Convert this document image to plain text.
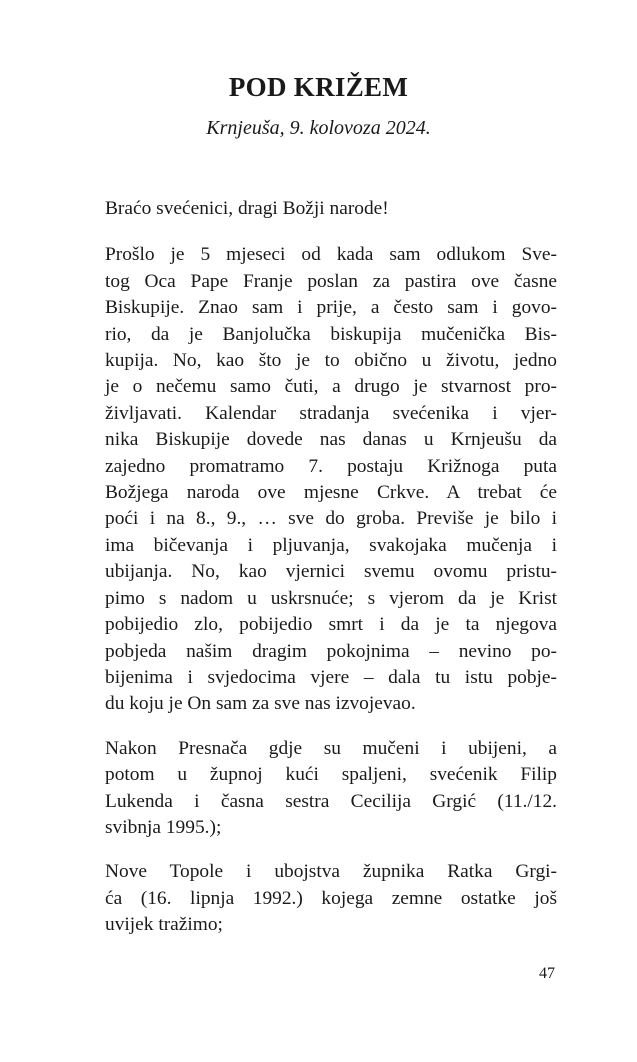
POD KRIŽEM

Krnjeuša, 9. kolovoza 2024.

Braćo svećenici, dragi Božji narode!

Prošlo je 5 mjeseci od kada sam odlukom Sve-
tog Oca Pape Franje poslan za pastira ove časne
Biskupije. Znao sam i prije, a često sam i govo-
rio, da je Banjolučka biskupija mučenička Bis-
kupija. No, kao što je to obično u životu, jedno
je o nečemu samo čuti, a drugo je stvarnost pro-
življavati. Kalendar stradanja svećenika i vjer-
nika Biskupije dovede nas danas u Krnjeušu da
zajedno promatramo 7. postaju Križnoga puta
Božjega naroda ove mjesne Crkve. A trebat će
poći i na 8., 9., … sve do groba. Previše je bilo i
ima bičevanja i pljuvanja, svakojaka mučenja i
ubijanja. No, kao vjernici svemu ovomu pristu-
pimo s nadom u uskrsnuće; s vjerom da je Krist
pobijedio zlo, pobijedio smrt i da je ta njegova
pobjeda našim dragim pokojnima – nevino po-
bijenima i svjedocima vjere – dala tu istu pobje-
du koju je On sam za sve nas izvojevao.

Nakon Presnača gdje su mučeni i ubijeni, a
potom u župnoj kući spaljeni, svećenik Filip
Lukenda i časna sestra Cecilija Grgić (11./12.
svibnja 1995.);

Nove Topole i ubojstva župnika Ratka Grgi-
ća (16. lipnja 1992.) kojega zemne ostatke još
uvijek tražimo;

47
